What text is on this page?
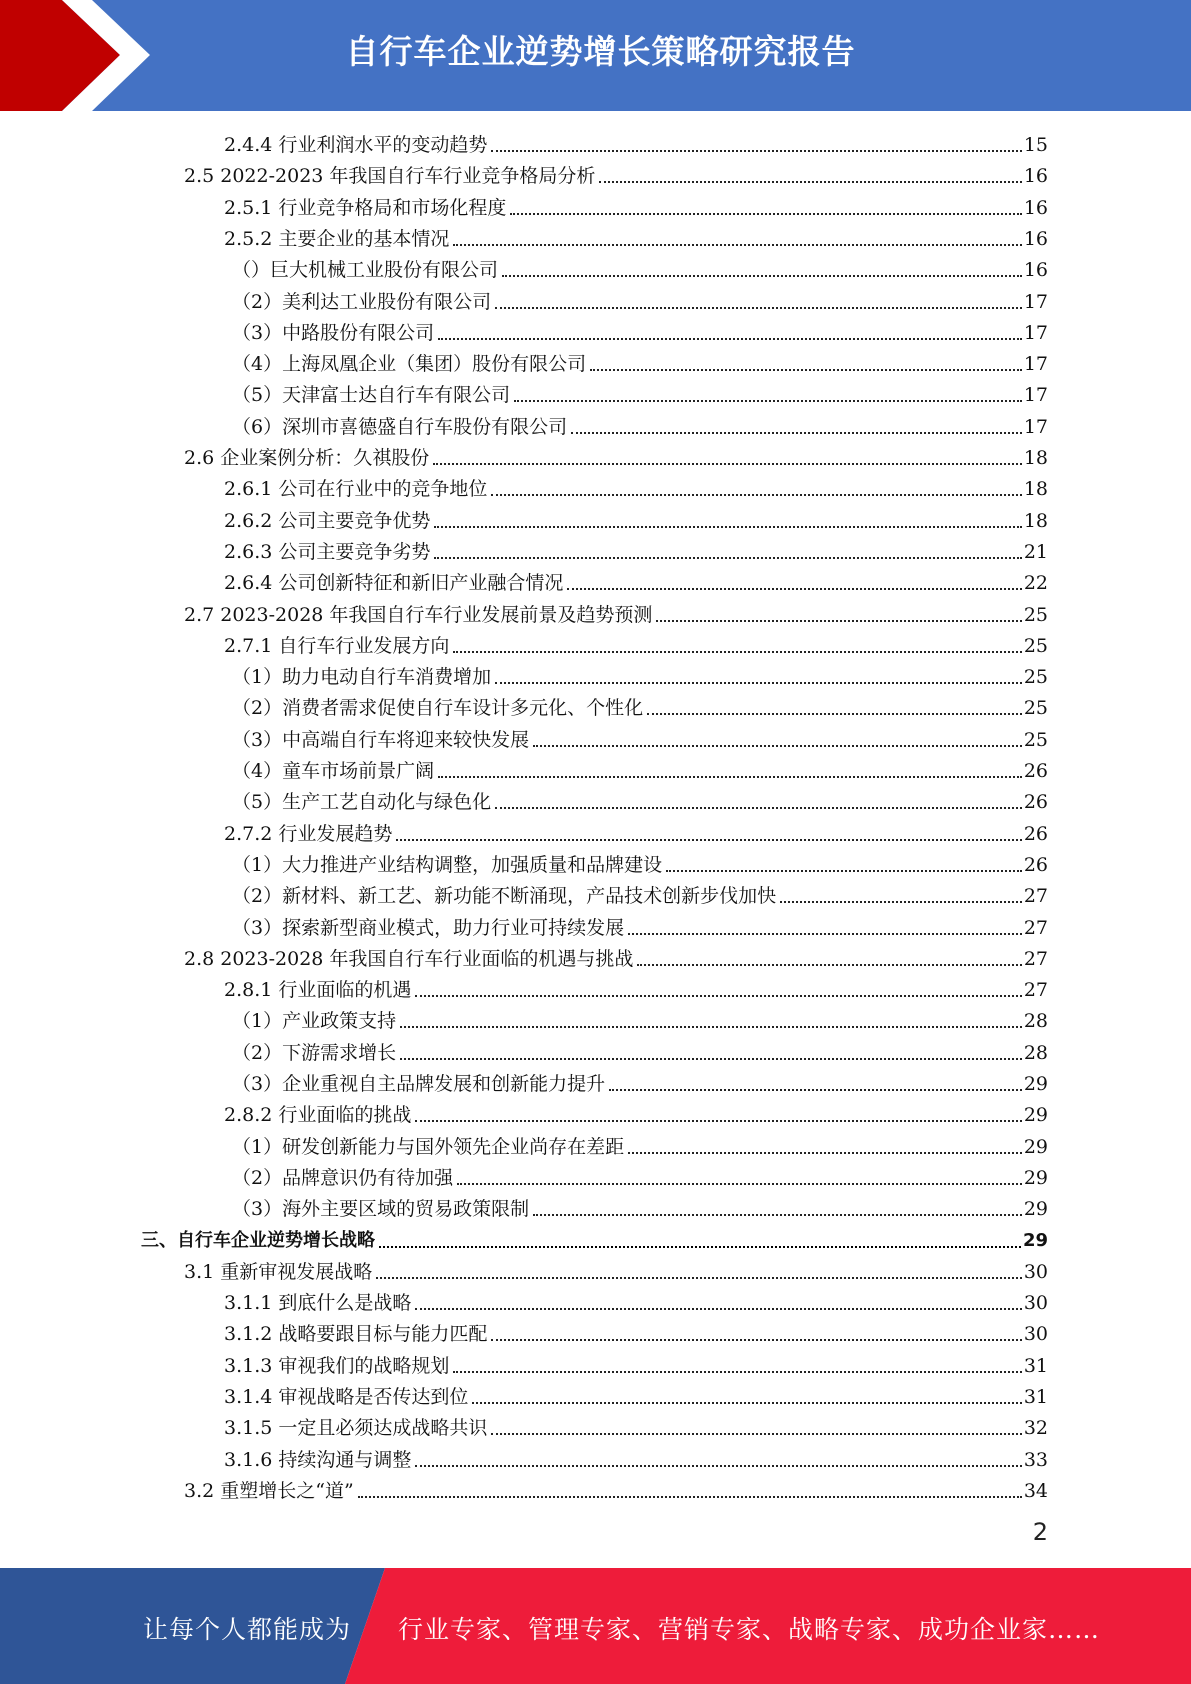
自行车企业逆势增长策略研究报告
2.4.4 行业利润水平的变动趋势	15
2.5 2022-2023 年我国自行车行业竞争格局分析	16
2.5.1 行业竞争格局和市场化程度	16
2.5.2 主要企业的基本情况	16
（）巨大机械工业股份有限公司	16
（2）美利达工业股份有限公司	17
（3）中路股份有限公司	17
（4）上海凤凰企业（集团）股份有限公司	17
（5）天津富士达自行车有限公司	17
（6）深圳市喜德盛自行车股份有限公司	17
2.6 企业案例分析：久祺股份	18
2.6.1 公司在行业中的竞争地位	18
2.6.2 公司主要竞争优势	18
2.6.3 公司主要竞争劣势	21
2.6.4 公司创新特征和新旧产业融合情况	22
2.7 2023-2028 年我国自行车行业发展前景及趋势预测	25
2.7.1 自行车行业发展方向	25
（1）助力电动自行车消费增加	25
（2）消费者需求促使自行车设计多元化、个性化	25
（3）中高端自行车将迎来较快发展	25
（4）童车市场前景广阔	26
（5）生产工艺自动化与绿色化	26
2.7.2 行业发展趋势	26
（1）大力推进产业结构调整，加强质量和品牌建设	26
（2）新材料、新工艺、新功能不断涌现，产品技术创新步伐加快	27
（3）探索新型商业模式，助力行业可持续发展	27
2.8 2023-2028 年我国自行车行业面临的机遇与挑战	27
2.8.1 行业面临的机遇	27
（1）产业政策支持	28
（2）下游需求增长	28
（3）企业重视自主品牌发展和创新能力提升	29
2.8.2 行业面临的挑战	29
（1）研发创新能力与国外领先企业尚存在差距	29
（2）品牌意识仍有待加强	29
（3）海外主要区域的贸易政策限制	29
三、自行车企业逆势增长战略	29
3.1 重新审视发展战略	30
3.1.1 到底什么是战略	30
3.1.2 战略要跟目标与能力匹配	30
3.1.3 审视我们的战略规划	31
3.1.4 审视战略是否传达到位	31
3.1.5 一定且必须达成战略共识	32
3.1.6 持续沟通与调整	33
3.2 重塑增长之“道”	34
2
让每个人都能成为 行业专家、管理专家、营销专家、战略专家、成功企业家……
